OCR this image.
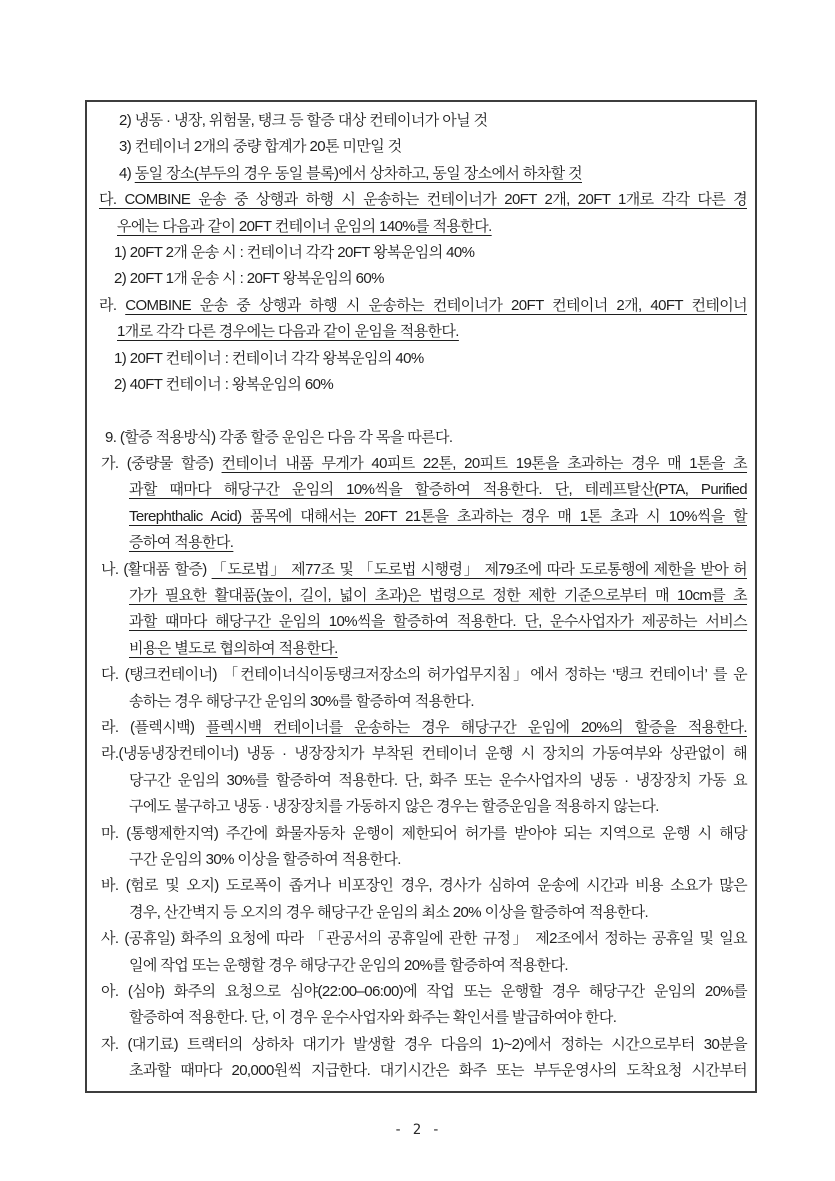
2) 냉동 · 냉장, 위험물, 탱크 등 할증 대상 컨테이너가 아닐 것
3) 컨테이너 2개의 중량 합계가 20톤 미만일 것
4) 동일 장소(부두의 경우 동일 블록)에서 상차하고, 동일 장소에서 하차할 것
다. COMBINE 운송 중 상행과 하행 시 운송하는 컨테이너가 20FT 2개, 20FT 1개로 각각 다른 경
우에는 다음과 같이 20FT 컨테이너 운임의 140%를 적용한다.
1) 20FT 2개 운송 시 : 컨테이너 각각 20FT 왕복운임의 40%
2) 20FT 1개 운송 시 : 20FT 왕복운임의 60%
라. COMBINE 운송 중 상행과 하행 시 운송하는 컨테이너가 20FT 컨테이너 2개, 40FT 컨테이너
1개로 각각 다른 경우에는 다음과 같이 운임을 적용한다.
1) 20FT 컨테이너 : 컨테이너 각각 왕복운임의 40%
2) 40FT 컨테이너 : 왕복운임의 60%
9. (할증 적용방식) 각종 할증 운임은 다음 각 목을 따른다.
가. (중량물 할증) 컨테이너 내품 무게가 40피트 22톤, 20피트 19톤을 초과하는 경우 매 1톤을 초
과할 때마다 해당구간 운임의 10%씩을 할증하여 적용한다. 단, 테레프탈산(PTA, Purified
Terephthalic Acid) 품목에 대해서는 20FT 21톤을 초과하는 경우 매 1톤 초과 시 10%씩을 할
증하여 적용한다.
나. (활대품 할증) 「도로법」 제77조 및 「도로법 시행령」 제79조에 따라 도로통행에 제한을 받아 허
가가 필요한 활대품(높이, 길이, 넓이 초과)은 법령으로 정한 제한 기준으로부터 매 10cm를 초
과할 때마다 해당구간 운임의 10%씩을 할증하여 적용한다. 단, 운수사업자가 제공하는 서비스
비용은 별도로 협의하여 적용한다.
다. (탱크컨테이너) 「컨테이너식이동탱크저장소의 허가업무지침」에서 정하는 ‘탱크 컨테이너’ 를 운
송하는 경우 해당구간 운임의 30%를 할증하여 적용한다.
라. (플렉시백) 플렉시백 컨테이너를 운송하는 경우 해당구간 운임에 20%의 할증을 적용한다.
라.(냉동냉장컨테이너) 냉동 · 냉장장치가 부착된 컨테이너 운행 시 장치의 가동여부와 상관없이 해
당구간 운임의 30%를 할증하여 적용한다. 단, 화주 또는 운수사업자의 냉동 · 냉장장치 가동 요
구에도 불구하고 냉동 · 냉장장치를 가동하지 않은 경우는 할증운임을 적용하지 않는다.
마. (통행제한지역) 주간에 화물자동차 운행이 제한되어 허가를 받아야 되는 지역으로 운행 시 해당
구간 운임의 30% 이상을 할증하여 적용한다.
바. (험로 및 오지) 도로폭이 좁거나 비포장인 경우, 경사가 심하여 운송에 시간과 비용 소요가 많은
경우, 산간벽지 등 오지의 경우 해당구간 운임의 최소 20% 이상을 할증하여 적용한다.
사. (공휴일) 화주의 요청에 따라 「관공서의 공휴일에 관한 규정」 제2조에서 정하는 공휴일 및 일요
일에 작업 또는 운행할 경우 해당구간 운임의 20%를 할증하여 적용한다.
아. (심야) 화주의 요청으로 심야(22:00–06:00)에 작업 또는 운행할 경우 해당구간 운임의 20%를
할증하여 적용한다. 단, 이 경우 운수사업자와 화주는 확인서를 발급하여야 한다.
자. (대기료) 트랙터의 상하차 대기가 발생할 경우 다음의 1)~2)에서 정하는 시간으로부터 30분을
초과할 때마다 20,000원씩 지급한다. 대기시간은 화주 또는 부두운영사의 도착요청 시간부터
- 2 -
